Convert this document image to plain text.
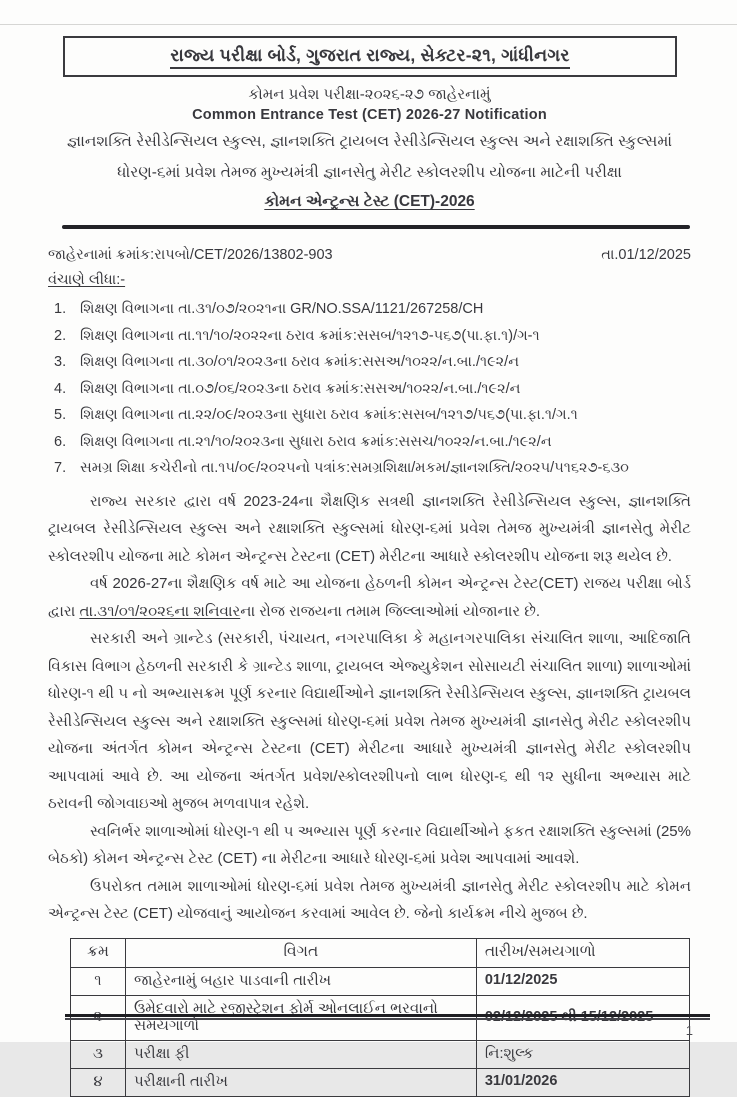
રાજ્ય પરીક્ષા બોર્ડ, ગુજરાત રાજ્ય, સેક્ટર-૨૧, ગાંધીનગર
કોમન પ્રવેશ પરીક્ષા-૨૦૨૬-૨૭ જાહેરનામું
Common Entrance Test (CET) 2026-27 Notification
જ્ઞાનશક્તિ રેસીડેન્સિયલ સ્કુલ્સ, જ્ઞાનશક્તિ ટ્રાયબલ રેસીડેન્સિયલ સ્કુલ્સ અને રક્ષાશક્તિ સ્કુલ્સમાં
ધોરણ-૬માં પ્રવેશ તેમજ મુખ્યમંત્રી જ્ઞાનસેતુ મેરીટ સ્કોલરશીપ યોજના માટેની પરીક્ષા
કોમન એન્ટ્રન્સ ટેસ્ટ (CET)-2026
જાહેરનામાં ક્રમાંક:રાપબો/CET/2026/13802-903	તા.01/12/2025
વંચાણે લીધા:-
1. શિક્ષણ વિભાગના તા.૩૧/૦૭/૨૦૨૧ના GR/NO.SSA/1121/267258/CH
2. શિક્ષણ વિભાગના તા.૧૧/૧૦/૨૦૨૨ના ઠરાવ ક્રમાંક:સસબ/૧૨૧૭-૫૬૭(પા.ફા.૧)/ગ-૧
3. શિક્ષણ વિભાગના તા.૩૦/૦૧/૨૦૨૩ના ઠરાવ ક્રમાંક:સસઅ/૧૦૨૨/ન.બા./૧૯૨/ન
4. શિક્ષણ વિભાગના તા.૦૭/૦૬/૨૦૨૩ના ઠરાવ ક્રમાંક:સસઅ/૧૦૨૨/ન.બા./૧૯૨/ન
5. શિક્ષણ વિભાગના તા.૨૨/૦૯/૨૦૨૩ના સુધારા ઠરાવ ક્રમાંક:સસબ/૧૨૧૭/૫૬૭(પા.ફા.૧/ગ.૧
6. શિક્ષણ વિભાગના તા.૨૧/૧૦/૨૦૨૩ના સુધારા ઠરાવ ક્રમાંક:સસચ/૧૦૨૨/ન.બા./૧૯૨/ન
7. સમગ્ર શિક્ષા કચેરીનો તા.૧૫/૦૯/૨૦૨૫નો પત્રાંક:સમગ્રશિક્ષા/મકમ/જ્ઞાનશક્તિ/૨૦૨૫/૫૧૬૨૭-૬૩૦

રાજ્ય સરકાર દ્વારા વર્ષ 2023-24ના શૈક્ષણિક સત્રથી જ્ઞાનશક્તિ રેસીડેન્સિયલ સ્કુલ્સ, જ્ઞાનશક્તિ ટ્રાયબલ રેસીડેન્સિયલ સ્કુલ્સ અને રક્ષાશક્તિ સ્કુલ્સમાં ધોરણ-૬માં પ્રવેશ તેમજ મુખ્યમંત્રી જ્ઞાનસેતુ મેરીટ સ્કોલરશીપ યોજના માટે કોમન એન્ટ્રન્સ ટેસ્ટના (CET) મેરીટના આધારે સ્કોલરશીપ યોજના શરૂ થયેલ છે.

વર્ષ 2026-27ના શૈક્ષણિક વર્ષ માટે આ યોજના હેઠળની કોમન એન્ટ્રન્સ ટેસ્ટ(CET) રાજય પરીક્ષા બોર્ડ દ્વારા તા.૩૧/૦૧/૨૦૨૬ના શનિવારના રોજ રાજયના તમામ જિલ્લાઓમાં યોજાનાર છે.

સરકારી અને ગ્રાન્ટેડ (સરકારી, પંચાયત, નગરપાલિકા કે મહાનગરપાલિકા સંચાલિત શાળા, આદિજાતિ વિકાસ વિભાગ હેઠળની સરકારી કે ગ્રાન્ટેડ શાળા, ટ્રાયબલ એજ્યુકેશન સોસાયટી સંચાલિત શાળા) શાળાઓમાં ધોરણ-૧ થી ૫ નો અભ્યાસક્રમ પૂર્ણ કરનાર વિદ્યાર્થીઓને જ્ઞાનશક્તિ રેસીડેન્સિયલ સ્કુલ્સ, જ્ઞાનશક્તિ ટ્રાયબલ રેસીડેન્સિયલ સ્કુલ્સ અને રક્ષાશક્તિ સ્કુલ્સમાં ધોરણ-૬માં પ્રવેશ તેમજ મુખ્યમંત્રી જ્ઞાનસેતુ મેરીટ સ્કોલરશીપ યોજના અંતર્ગત કોમન એન્ટ્રન્સ ટેસ્ટના (CET) મેરીટના આધારે મુખ્યમંત્રી જ્ઞાનસેતુ મેરીટ સ્કોલરશીપ આપવામાં આવે છે. આ યોજના અંતર્ગત પ્રવેશ/સ્કોલરશીપનો લાભ ધોરણ-૬ થી ૧૨ સુધીના અભ્યાસ માટે ઠરાવની જોગવાઇઓ મુજબ મળવાપાત્ર રહેશે.

સ્વનિર્ભર શાળાઓમાં ધોરણ-૧ થી ૫ અભ્યાસ પૂર્ણ કરનાર વિદ્યાર્થીઓને ફકત રક્ષાશક્તિ સ્કુલ્સમાં (25% બેઠકો) કોમન એન્ટ્રન્સ ટેસ્ટ (CET) ના મેરીટના આધારે ધોરણ-૬માં પ્રવેશ આપવામાં આવશે.

ઉપરોક્ત તમામ શાળાઓમાં ધોરણ-૬માં પ્રવેશ તેમજ મુખ્યમંત્રી જ્ઞાનસેતુ મેરીટ સ્કોલરશીપ માટે કોમન એન્ટ્રન્સ ટેસ્ટ (CET) યોજવાનું આયોજન કરવામાં આવેલ છે. જેનો કાર્યક્રમ નીચે મુજબ છે.

ક્રમ	વિગત	તારીખ/સમયગાળો
૧	જાહેરનામું બહાર પાડવાની તારીખ	01/12/2025
૨	ઉમેદવારો માટે રજીસ્ટ્રેશન ફોર્મ ઓનલાઈન ભરવાનો સમયગાળો	02/12/2025 થી 15/12/2025
૩	પરીક્ષા ફી	નિ:શુલ્ક
૪	પરીક્ષાની તારીખ	31/01/2026
1
